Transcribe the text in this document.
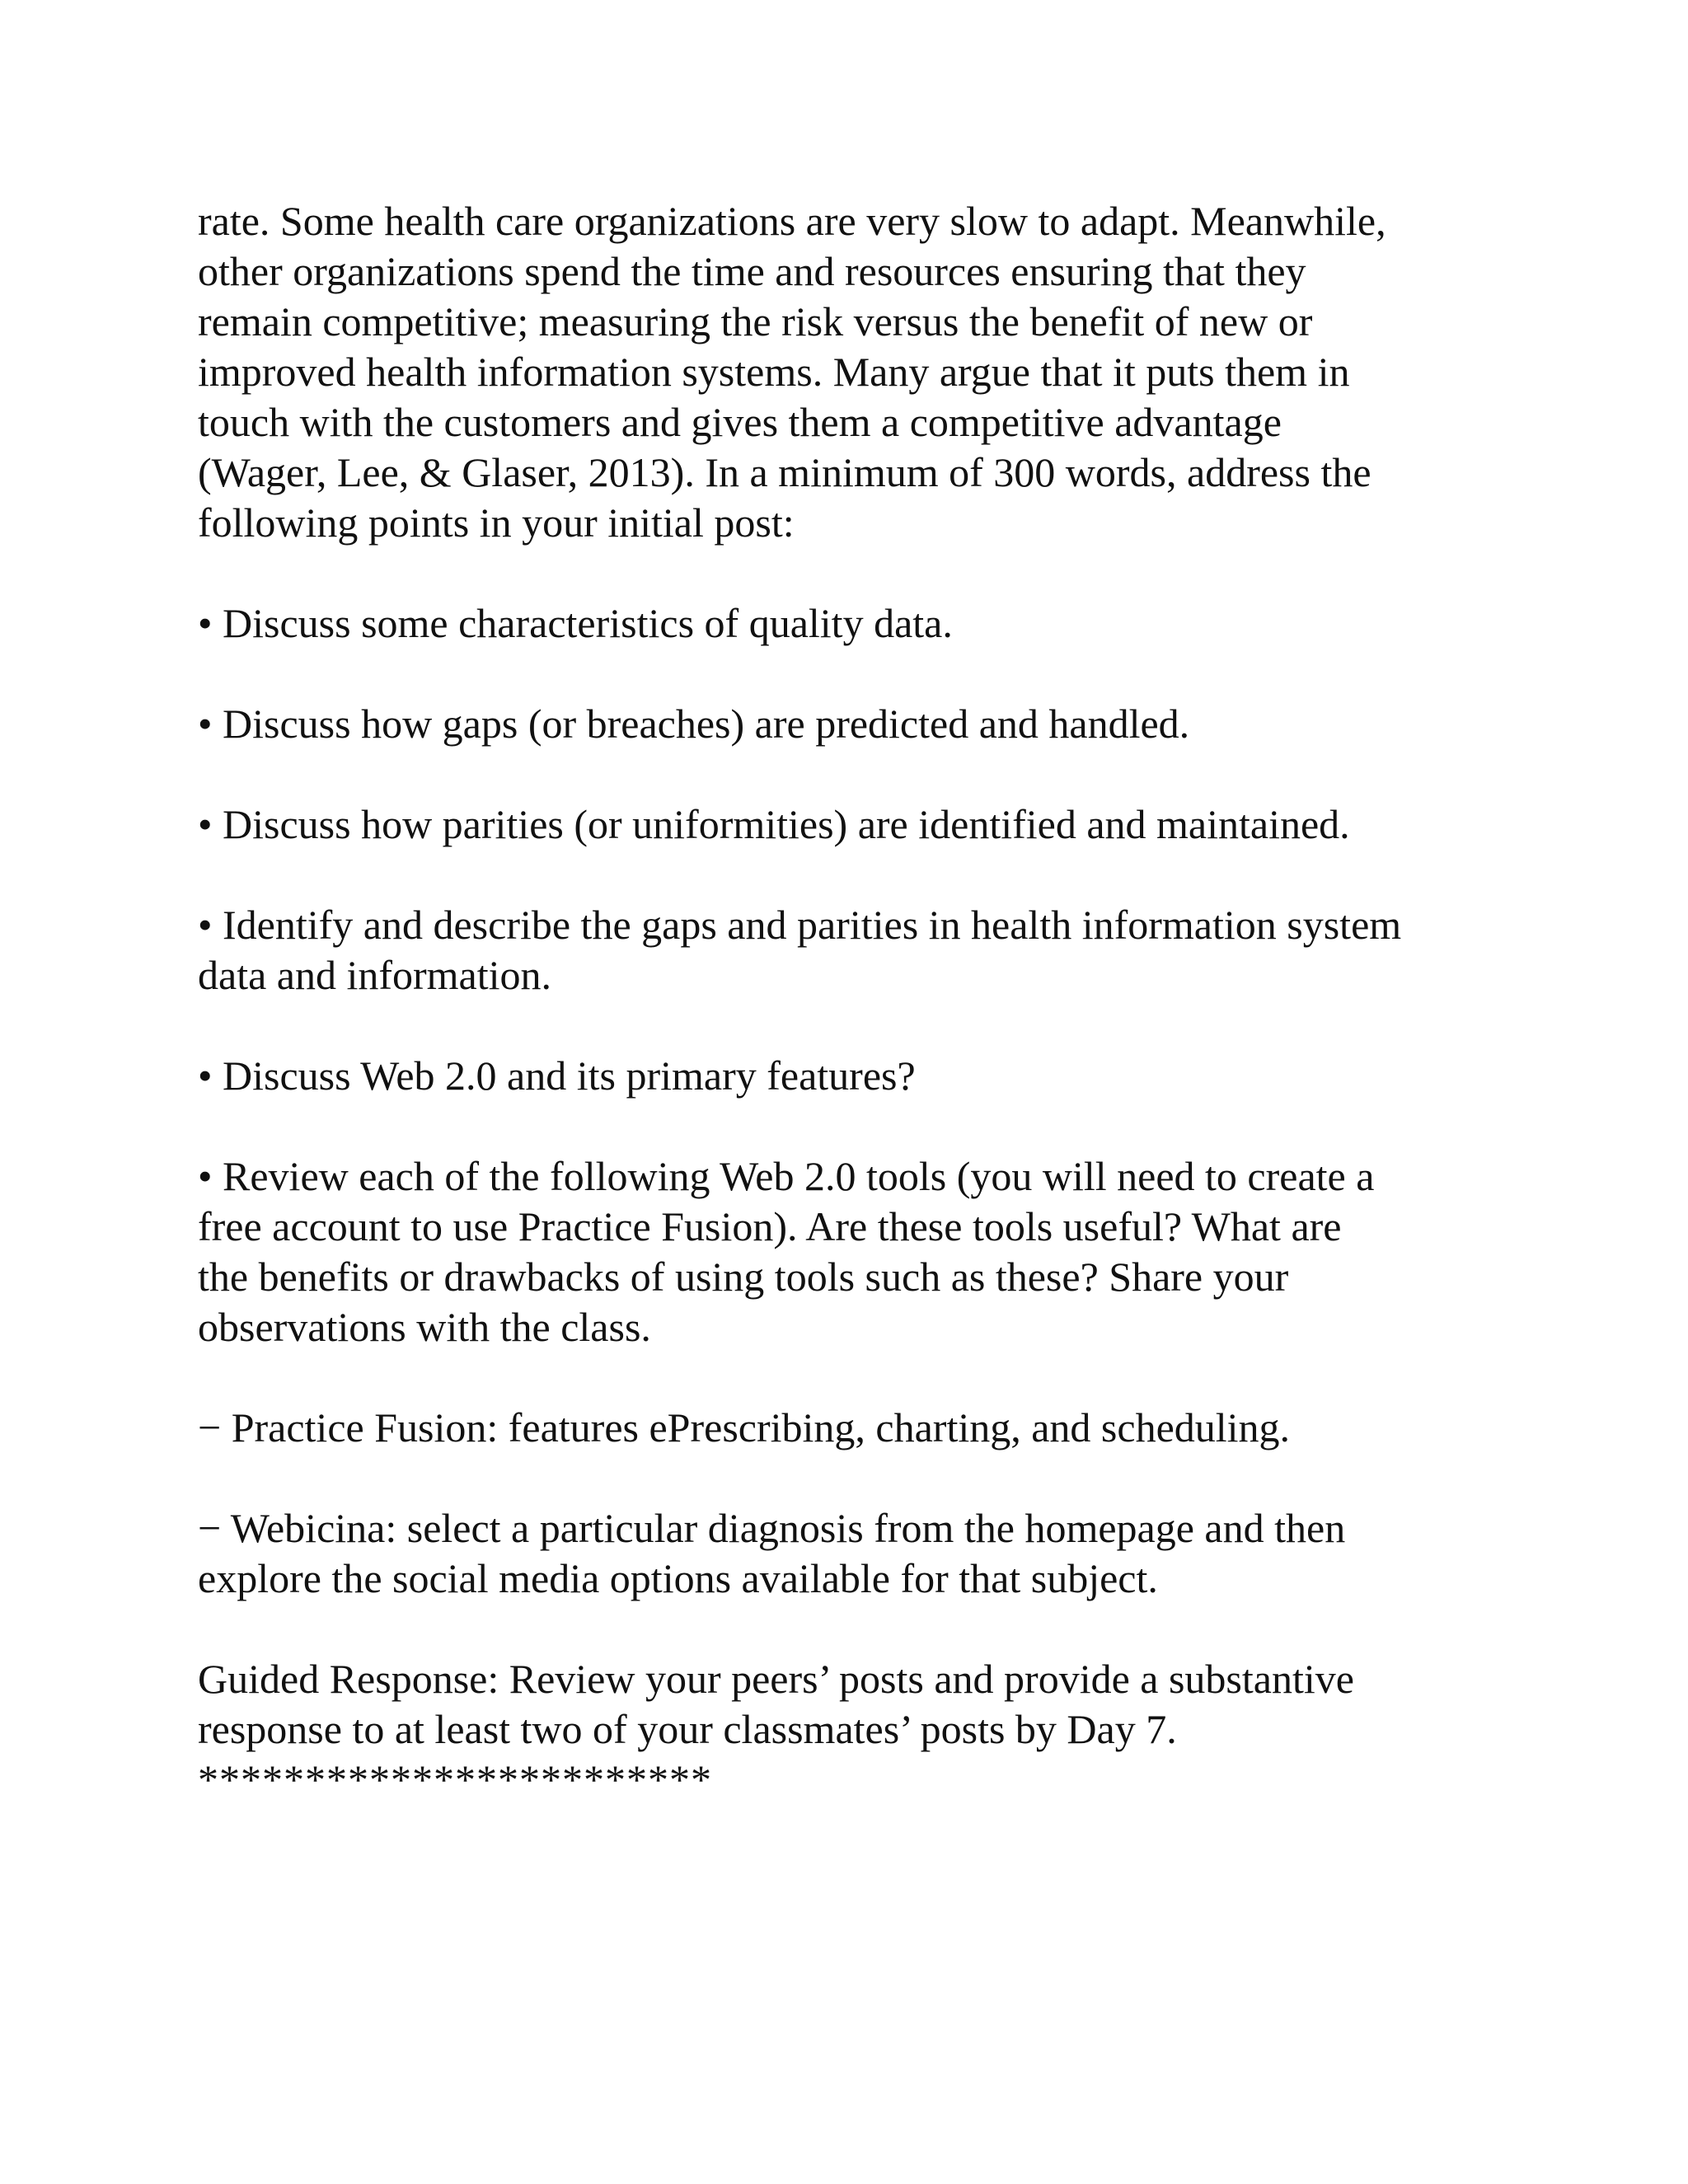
rate. Some health care organizations are very slow to adapt. Meanwhile,
other organizations spend the time and resources ensuring that they
remain competitive; measuring the risk versus the benefit of new or
improved health information systems. Many argue that it puts them in
touch with the customers and gives them a competitive advantage
(Wager, Lee, & Glaser, 2013). In a minimum of 300 words, address the
following points in your initial post:
• Discuss some characteristics of quality data.
• Discuss how gaps (or breaches) are predicted and handled.
• Discuss how parities (or uniformities) are identified and maintained.
• Identify and describe the gaps and parities in health information system
data and information.
• Discuss Web 2.0 and its primary features?
• Review each of the following Web 2.0 tools (you will need to create a
free account to use Practice Fusion). Are these tools useful? What are
the benefits or drawbacks of using tools such as these? Share your
observations with the class.
− Practice Fusion: features ePrescribing, charting, and scheduling.
− Webicina: select a particular diagnosis from the homepage and then
explore the social media options available for that subject.
Guided Response: Review your peers’ posts and provide a substantive
response to at least two of your classmates’ posts by Day 7.
************************
